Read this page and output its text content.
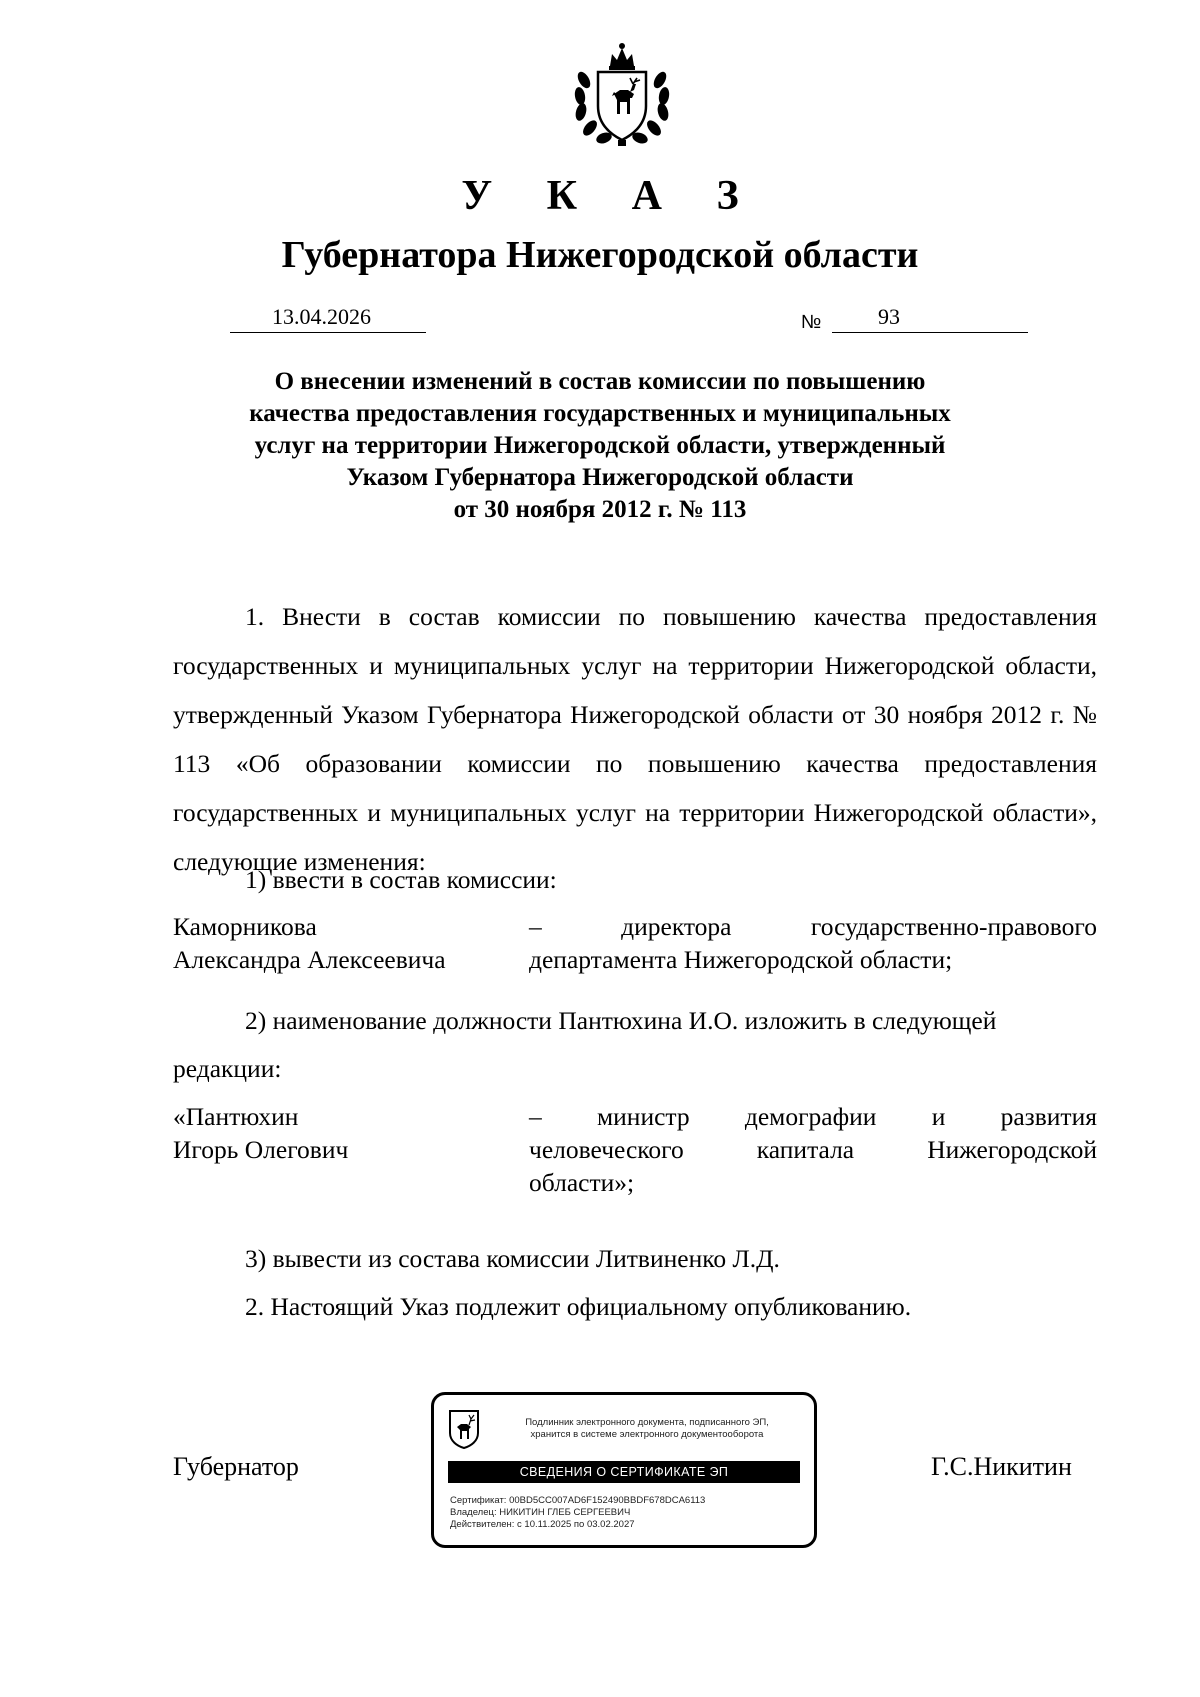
У К А З
Губернатора Нижегородской области
13.04.2026	№	93
О внесении изменений в состав комиссии по повышению
качества предоставления государственных и муниципальных
услуг на территории Нижегородской области, утвержденный
Указом Губернатора Нижегородской области
от 30 ноября 2012 г. № 113
1. Внести в состав комиссии по повышению качества предоставления государственных и муниципальных услуг на территории Нижегородской области, утвержденный Указом Губернатора Нижегородской области от 30 ноября 2012 г. № 113 «Об образовании комиссии по повышению качества предоставления государственных и муниципальных услуг на территории Нижегородской области», следующие изменения:
1) ввести в состав комиссии:
Каморникова
Александра Алексеевича
–	директора	государственно-правового
департамента Нижегородской области;
2) наименование должности Пантюхина И.О. изложить в следующей
редакции:
«Пантюхин
Игорь Олегович
– министр демографии и развития
человеческого	капитала	Нижегородской
области»;
3) вывести из состава комиссии Литвиненко Л.Д.
2. Настоящий Указ подлежит официальному опубликованию.
Губернатор
Подлинник электронного документа, подписанного ЭП,
хранится в системе электронного документооборота
СВЕДЕНИЯ О СЕРТИФИКАТЕ ЭП
Сертификат: 00BD5CC007AD6F152490BBDF678DCA6113
Владелец: НИКИТИН ГЛЕБ СЕРГЕЕВИЧ
Действителен: с 10.11.2025 по 03.02.2027
Г.С.Никитин
